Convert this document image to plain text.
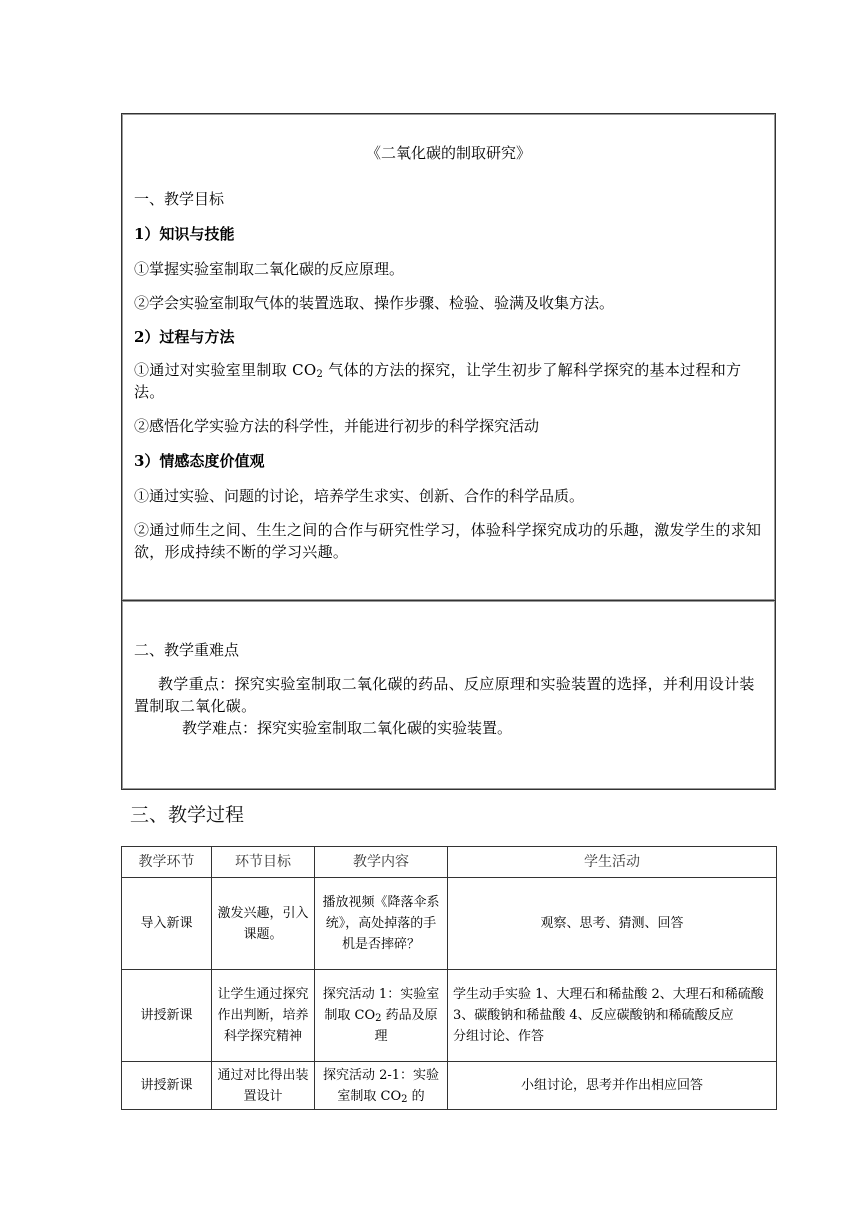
《二氧化碳的制取研究》
一、教学目标
1）知识与技能
①掌握实验室制取二氧化碳的反应原理。
②学会实验室制取气体的装置选取、操作步骤、检验、验满及收集方法。
2）过程与方法
①通过对实验室里制取 $CO_2$ 气体的方法的探究，让学生初步了解科学探究的基本过程和方法。
②感悟化学实验方法的科学性，并能进行初步的科学探究活动
3）情感态度价值观
①通过实验、问题的讨论，培养学生求实、创新、合作的科学品质。
②通过师生之间、生生之间的合作与研究性学习，体验科学探究成功的乐趣，激发学生的求知欲，形成持续不断的学习兴趣。
二、教学重难点
教学重点：探究实验室制取二氧化碳的药品、反应原理和实验装置的选择，并利用设计装置制取二氧化碳。
教学难点：探究实验室制取二氧化碳的实验装置。
三、教学过程
教学环节	环节目标	教学内容	学生活动
导入新课	激发兴趣，引入课题。	播放视频《降落伞系统》，高处掉落的手机是否摔碎？	观察、思考、猜测、回答
讲授新课	让学生通过探究作出判断，培养科学探究精神	探究活动 1：实验室制取 $CO_2$ 药品及原理	学生动手实验 1、大理石和稀盐酸 2、大理石和稀硫酸 3、碳酸钠和稀盐酸 4、反应碳酸钠和稀硫酸反应
分组讨论、作答

讲授新课	通过对比得出装置设计	探究活动 2-1：实验室制取 $CO_2$ 的	小组讨论，思考并作出相应回答
